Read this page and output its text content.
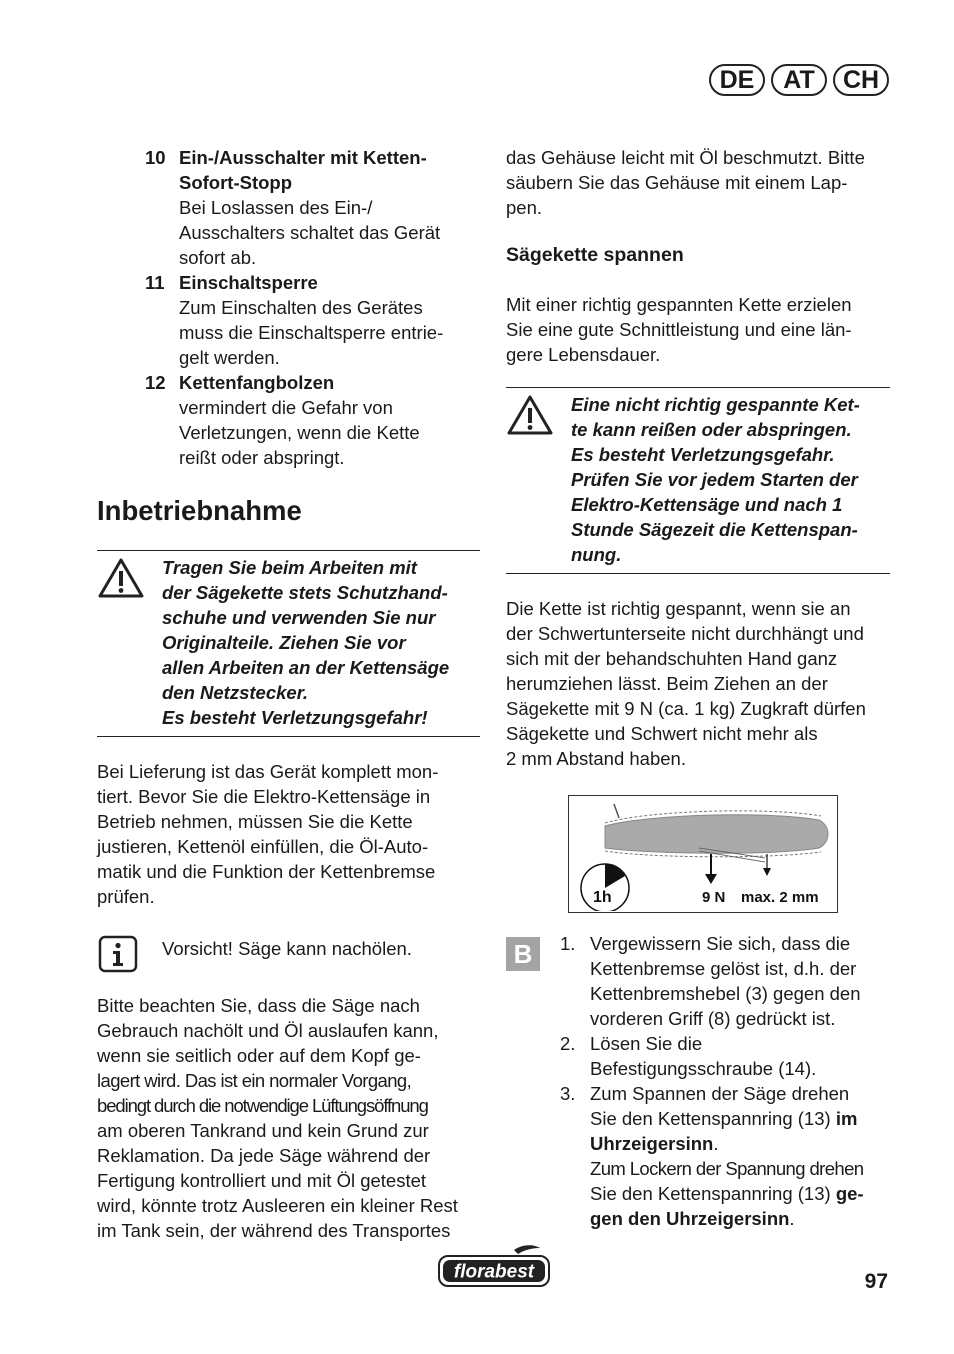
DE	AT	CH
10 Ein-/Ausschalter mit Ketten-
Sofort-Stopp
Bei Loslassen des Ein-/
Ausschalters schaltet das Gerät
sofort ab.
11 Einschaltsperre
Zum Einschalten des Gerätes
muss die Einschaltsperre entrie-
gelt werden.
12 Kettenfangbolzen
vermindert die Gefahr von
Verletzungen, wenn die Kette
reißt oder abspringt.
Inbetriebnahme
Tragen Sie beim Arbeiten mit
der Sägekette stets Schutzhand-
schuhe und verwenden Sie nur
Originalteile. Ziehen Sie vor
allen Arbeiten an der Kettensäge
den Netzstecker.
Es besteht Verletzungsgefahr!
Bei Lieferung ist das Gerät komplett mon-
tiert. Bevor Sie die Elektro-Kettensäge in
Betrieb nehmen, müssen Sie die Kette
justieren, Kettenöl einfüllen, die Öl-Auto-
matik und die Funktion der Kettenbremse
prüfen.
Vorsicht! Säge kann nachölen.
Bitte beachten Sie, dass die Säge nach
Gebrauch nachölt und Öl auslaufen kann,
wenn sie seitlich oder auf dem Kopf ge-
lagert wird. Das ist ein normaler Vorgang,
bedingt durch die notwendige Lüftungsöffnung
am oberen Tankrand und kein Grund zur
Reklamation. Da jede Säge während der
Fertigung kontrolliert und mit Öl getestet
wird, könnte trotz Ausleeren ein kleiner Rest
im Tank sein, der während des Transportes
das Gehäuse leicht mit Öl beschmutzt. Bitte
säubern Sie das Gehäuse mit einem Lap-
pen.
Sägekette spannen
Mit einer richtig gespannten Kette erzielen
Sie eine gute Schnittleistung und eine län-
gere Lebensdauer.
Eine nicht richtig gespannte Ket-
te kann reißen oder abspringen.
Es besteht Verletzungsgefahr.
Prüfen Sie vor jedem Starten der
Elektro-Kettensäge und nach 1
Stunde Sägezeit die Kettenspan-
nung.
Die Kette ist richtig gespannt, wenn sie an
der Schwertunterseite nicht durchhängt und
sich mit der behandschuhten Hand ganz
herumziehen lässt. Beim Ziehen an der
Sägekette mit 9 N (ca. 1 kg) Zugkraft dürfen
Sägekette und Schwert nicht mehr als
2 mm Abstand haben.
1h	9 N max. 2 mm
B	1. Vergewissern Sie sich, dass die
Kettenbremse gelöst ist, d.h. der
Kettenbremshebel (3) gegen den
vorderen Griff (8) gedrückt ist.
2. Lösen Sie die
Befestigungsschraube (14).
3. Zum Spannen der Säge drehen
Sie den Kettenspannring (13) im
Uhrzeigersinn.
Zum Lockern der Spannung drehen
Sie den Kettenspannring (13) ge-
gen den Uhrzeigersinn.
florabest	97
